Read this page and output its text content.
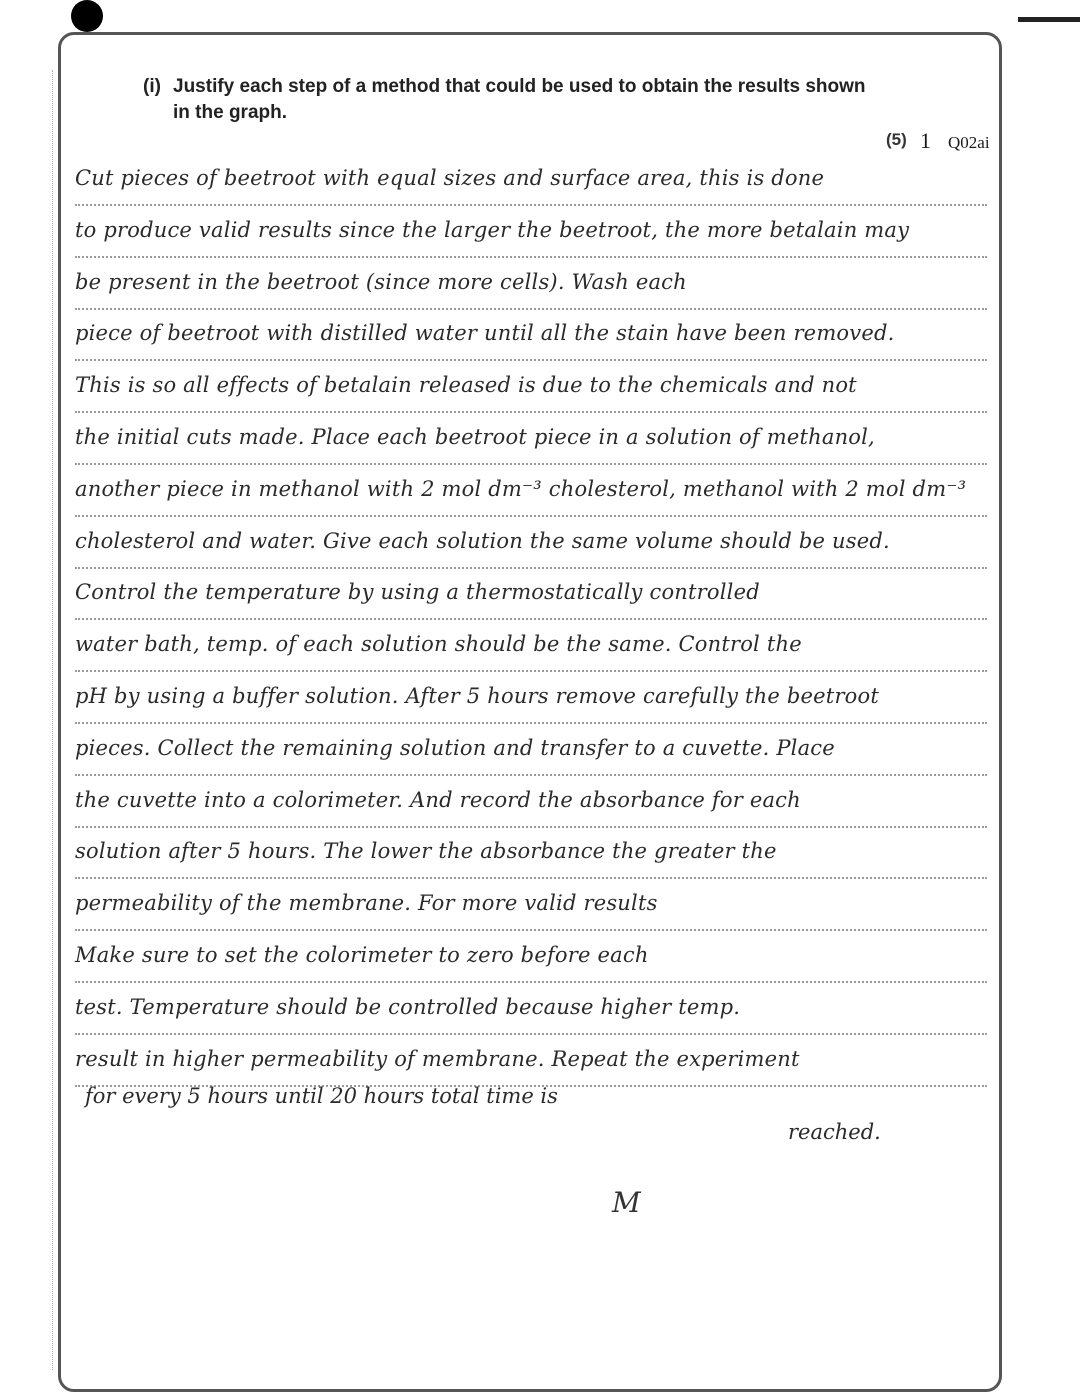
(i) Justify each step of a method that could be used to obtain the results shown
in the graph.
(5) 1 Q02ai
Cut pieces of beetroot with equal sizes and surface area, this is done
to produce valid results since the larger the beetroot, the more betalain may
be present in the beetroot (since more cells). Wash each
piece of beetroot with distilled water until all the stain have been removed.
This is so all effects of betalain released is due to the chemicals and not
the initial cuts made. Place each beetroot piece in a solution of methanol,
another piece in methanol with 2 mol dm⁻³ cholesterol, methanol with 2 mol dm⁻³
cholesterol and water. Give each solution the same volume should be used.
Control the temperature by using a thermostatically controlled
water bath, temp. of each solution should be the same. Control the
pH by using a buffer solution. After 5 hours remove carefully the beetroot
pieces. Collect the remaining solution and transfer to a cuvette. Place
the cuvette into a colorimeter. And record the absorbance for each
solution after 5 hours. The lower the absorbance the greater the
permeability of the membrane. For more valid results
Make sure to set the colorimeter to zero before each
test. Temperature should be controlled because higher temp.
result in higher permeability of membrane. Repeat the experiment
for every 5 hours until 20 hours total time is
reached.
M
